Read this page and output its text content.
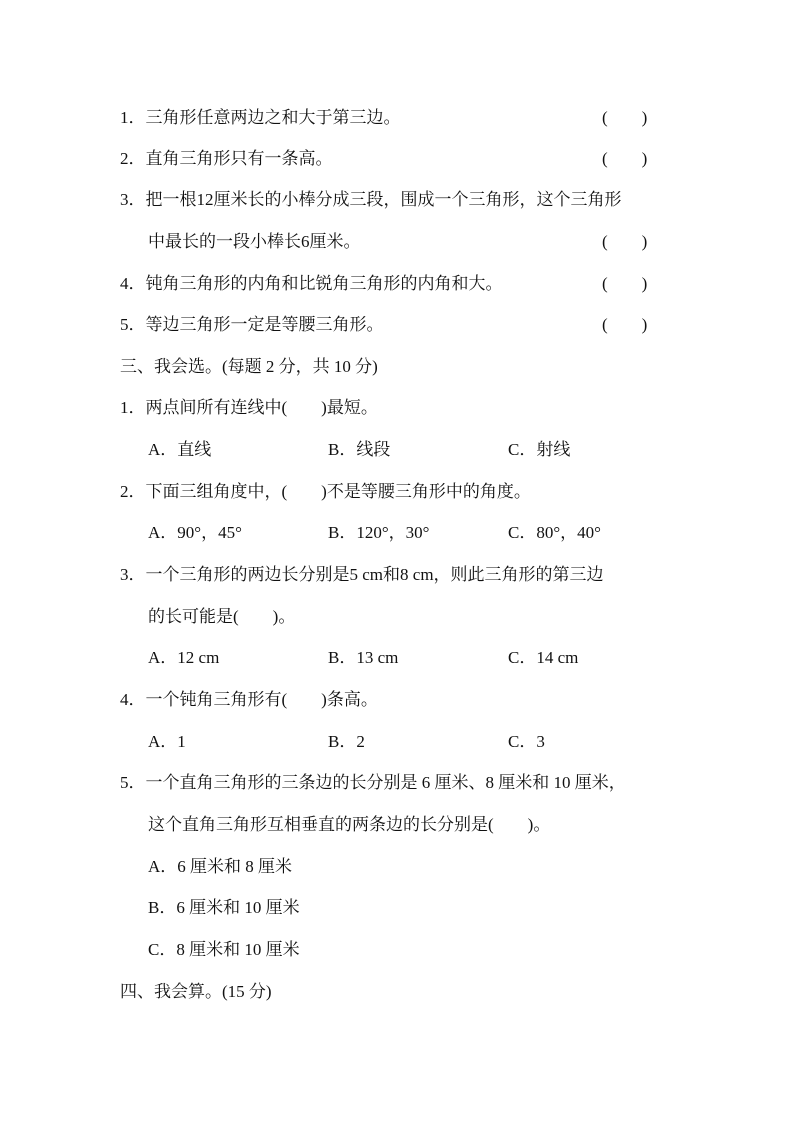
1．三角形任意两边之和大于第三边。	(　　)
2．直角三角形只有一条高。	(　　)
3．把一根12厘米长的小棒分成三段，围成一个三角形，这个三角形
中最长的一段小棒长6厘米。	(　　)
4．钝角三角形的内角和比锐角三角形的内角和大。	(　　)
5．等边三角形一定是等腰三角形。	(　　)
三、我会选。(每题 2 分，共 10 分)
1．两点间所有连线中(　　)最短。
A．直线	B．线段	C．射线
2．下面三组角度中，(　　)不是等腰三角形中的角度。
A．90°，45°	B．120°，30°	C．80°，40°
3．一个三角形的两边长分别是5 cm和8 cm，则此三角形的第三边
的长可能是(　　)。
A．12 cm	B．13 cm	C．14 cm
4．一个钝角三角形有(　　)条高。
A．1	B．2	C．3
5．一个直角三角形的三条边的长分别是 6 厘米、8 厘米和 10 厘米，
这个直角三角形互相垂直的两条边的长分别是(　　)。
A．6 厘米和 8 厘米
B．6 厘米和 10 厘米
C．8 厘米和 10 厘米
四、我会算。(15 分)
